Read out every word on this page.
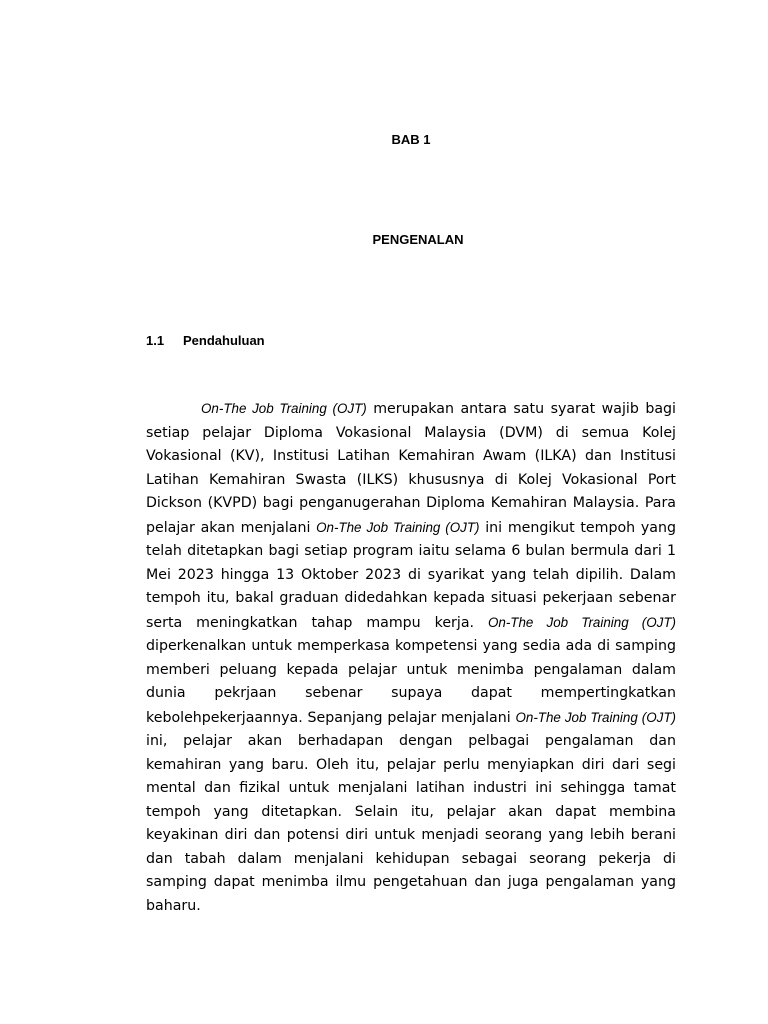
BAB 1
PENGENALAN
1.1 Pendahuluan

On-The Job Training (OJT) merupakan antara satu syarat wajib bagi setiap pelajar Diploma Vokasional Malaysia (DVM) di semua Kolej Vokasional (KV), Institusi Latihan Kemahiran Awam (ILKA) dan Institusi Latihan Kemahiran Swasta (ILKS) khususnya di Kolej Vokasional Port Dickson (KVPD) bagi penganugerahan Diploma Kemahiran Malaysia. Para pelajar akan menjalani On-The Job Training (OJT) ini mengikut tempoh yang telah ditetapkan bagi setiap program iaitu selama 6 bulan bermula dari 1 Mei 2023 hingga 13 Oktober 2023 di syarikat yang telah dipilih. Dalam tempoh itu, bakal graduan didedahkan kepada situasi pekerjaan sebenar serta meningkatkan tahap mampu kerja. On-The Job Training (OJT) diperkenalkan untuk memperkasa kompetensi yang sedia ada di samping memberi peluang kepada pelajar untuk menimba pengalaman dalam dunia pekrjaan sebenar supaya dapat mempertingkatkan kebolehpekerjaannya. Sepanjang pelajar menjalani On-The Job Training (OJT) ini, pelajar akan berhadapan dengan pelbagai pengalaman dan kemahiran yang baru. Oleh itu, pelajar perlu menyiapkan diri dari segi mental dan fizikal untuk menjalani latihan industri ini sehingga tamat tempoh yang ditetapkan. Selain itu, pelajar akan dapat membina keyakinan diri dan potensi diri untuk menjadi seorang yang lebih berani dan tabah dalam menjalani kehidupan sebagai seorang pekerja di samping dapat menimba ilmu pengetahuan dan juga pengalaman yang baharu.
